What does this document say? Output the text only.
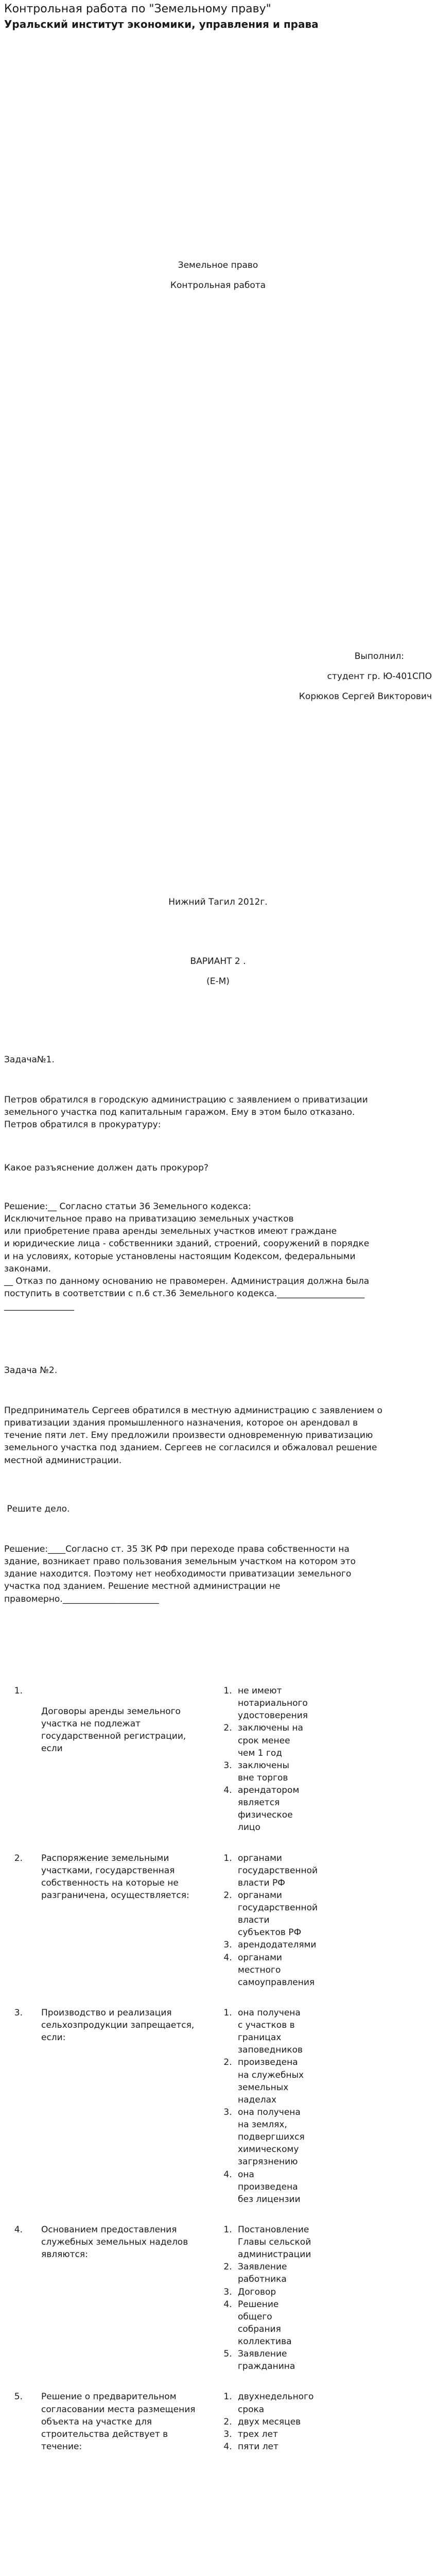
Контрольная работа по "Земельному праву"
Уральский институт экономики, управления и права
Земельное право
Контрольная работа
Выполнил:
студент гр. Ю-401СПО
Корюков Сергей Викторович
Нижний Тагил 2012г.
ВАРИАНТ 2 .
(Е-М)
Задача№1.
Петров обратился в городскую администрацию с заявлением о приватизации
земельного участка под капитальным гаражом. Ему в этом было отказано.
Петров обратился в прокуратуру:
Какое разъяснение должен дать прокурор?
Решение:__ Согласно статьи 36 Земельного кодекса:
Исключительное право на приватизацию земельных участков
или приобретение права аренды земельных участков имеют граждане
и юридические лица - собственники зданий, строений, сооружений в порядке
и на условиях, которые установлены настоящим Кодексом, федеральными
законами.
__ Отказ по данному основанию не правомерен. Администрация должна была
поступить в соответствии с п.6 ст.36 Земельного кодекса.____________________
________________
Задача №2.
Предприниматель Сергеев обратился в местную администрацию с заявлением о
приватизации здания промышленного назначения, которое он арендовал в
течение пяти лет. Ему предложили произвести одновременную приватизацию
земельного участка под зданием. Сергеев не согласился и обжаловал решение
местной администрации.
Решите дело.
Решение:____Согласно ст. 35 ЗК РФ при переходе права собственности на
здание, возникает право пользования земельным участком на котором это
здание находится. Поэтому нет необходимости приватизации земельного
участка под зданием. Решение местной администрации не
правомерно.______________________
1.	
Договоры аренды земельного участка не подлежат государственной регистрации, если

1. не имеют нотариального удостоверения
2. заключены на срок менее чем 1 год
3. заключены вне торгов
4. арендатором является физическое лицо
2.	Распоряжение земельными участками, государственная собственность на которые не разграничена, осуществляется:

1. органами государственной власти РФ
2. органами государственной власти субъектов РФ
3. арендодателями
4. органами местного самоуправления
3.	Производство и реализация сельхозпродукции запрещается, если:

1. она получена с участков в границах заповедников
2. произведена на служебных земельных наделах
3. она получена на землях, подвергшихся химическому загрязнению
4. она произведена без лицензии
4.	Основанием предоставления служебных земельных наделов являются:

1. Постановление Главы сельской администрации
2. Заявление работника
3. Договор
4. Решение общего собрания коллектива
5. Заявление гражданина
5.	Решение о предварительном согласовании места размещения объекта на участке для строительства действует в течение:

1. двухнедельного срока
2. двух месяцев
3. трех лет
4. пяти лет
